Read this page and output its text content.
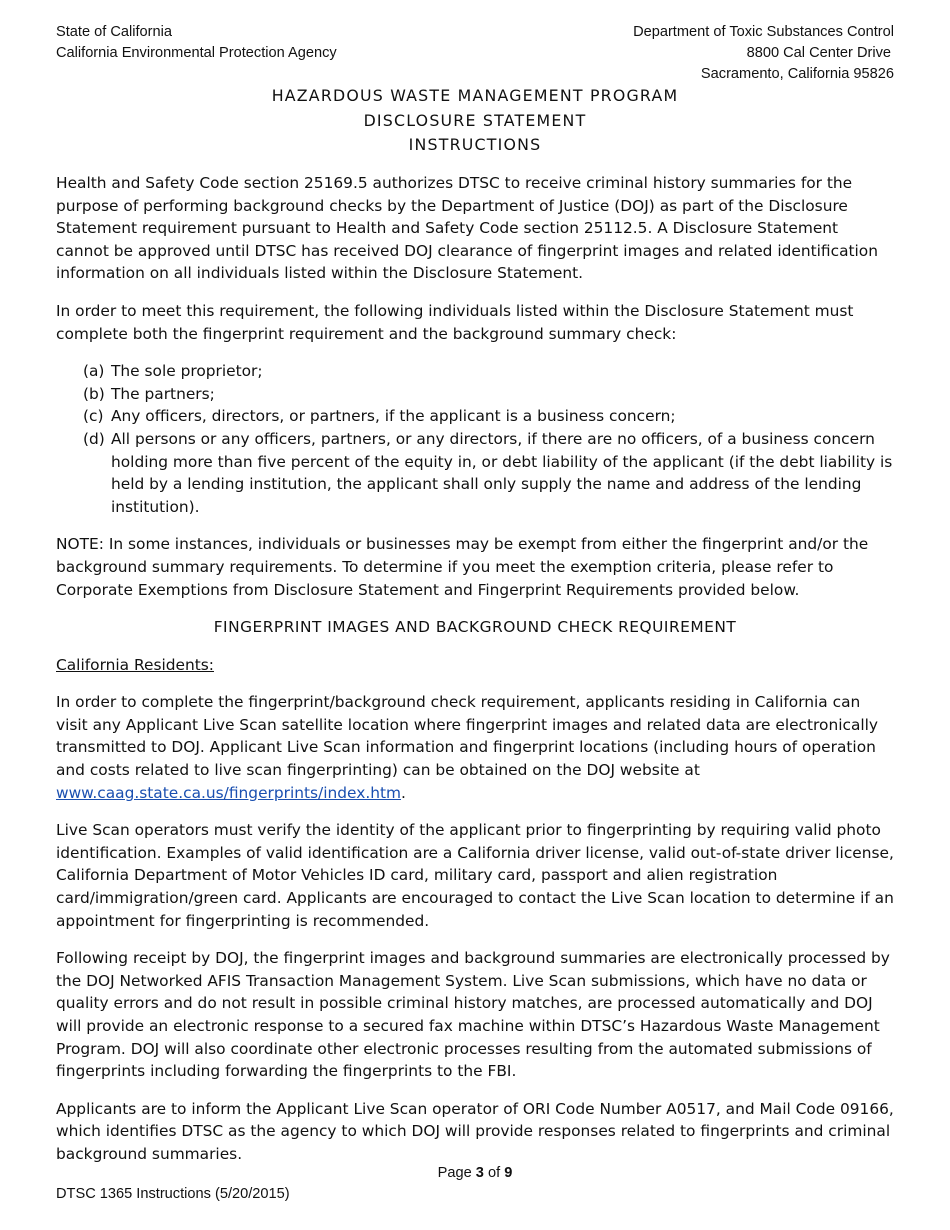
State of California
California Environmental Protection Agency
Department of Toxic Substances Control
8800 Cal Center Drive
Sacramento, California 95826
HAZARDOUS WASTE MANAGEMENT PROGRAM
DISCLOSURE STATEMENT
INSTRUCTIONS

Health and Safety Code section 25169.5 authorizes DTSC to receive criminal history summaries for the purpose of performing background checks by the Department of Justice (DOJ) as part of the Disclosure Statement requirement pursuant to Health and Safety Code section 25112.5. A Disclosure Statement cannot be approved until DTSC has received DOJ clearance of fingerprint images and related identification information on all individuals listed within the Disclosure Statement.

In order to meet this requirement, the following individuals listed within the Disclosure Statement must complete both the fingerprint requirement and the background summary check:

(a) The sole proprietor;
(b) The partners;
(c) Any officers, directors, or partners, if the applicant is a business concern;
(d) All persons or any officers, partners, or any directors, if there are no officers, of a business concern holding more than five percent of the equity in, or debt liability of the applicant (if the debt liability is held by a lending institution, the applicant shall only supply the name and address of the lending institution).

NOTE: In some instances, individuals or businesses may be exempt from either the fingerprint and/or the background summary requirements. To determine if you meet the exemption criteria, please refer to Corporate Exemptions from Disclosure Statement and Fingerprint Requirements provided below.

FINGERPRINT IMAGES AND BACKGROUND CHECK REQUIREMENT

California Residents:

In order to complete the fingerprint/background check requirement, applicants residing in California can visit any Applicant Live Scan satellite location where fingerprint images and related data are electronically transmitted to DOJ. Applicant Live Scan information and fingerprint locations (including hours of operation and costs related to live scan fingerprinting) can be obtained on the DOJ website at www.caag.state.ca.us/fingerprints/index.htm.

Live Scan operators must verify the identity of the applicant prior to fingerprinting by requiring valid photo identification. Examples of valid identification are a California driver license, valid out-of-state driver license, California Department of Motor Vehicles ID card, military card, passport and alien registration card/immigration/green card. Applicants are encouraged to contact the Live Scan location to determine if an appointment for fingerprinting is recommended.

Following receipt by DOJ, the fingerprint images and background summaries are electronically processed by the DOJ Networked AFIS Transaction Management System. Live Scan submissions, which have no data or quality errors and do not result in possible criminal history matches, are processed automatically and DOJ will provide an electronic response to a secured fax machine within DTSC’s Hazardous Waste Management Program. DOJ will also coordinate other electronic processes resulting from the automated submissions of fingerprints including forwarding the fingerprints to the FBI.

Applicants are to inform the Applicant Live Scan operator of ORI Code Number A0517, and Mail Code 09166, which identifies DTSC as the agency to which DOJ will provide responses related to fingerprints and criminal background summaries.

Page 3 of 9
DTSC 1365 Instructions (5/20/2015)
